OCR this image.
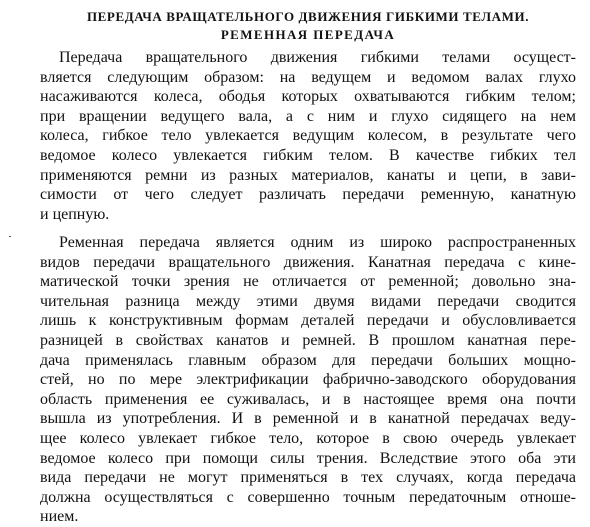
ПЕРЕДАЧА ВРАЩАТЕЛЬНОГО ДВИЖЕНИЯ ГИБКИМИ ТЕЛАМИ.
РЕМЕННАЯ ПЕРЕДАЧА
Передача вращательного движения гибкими телами осущест-
вляется следующим образом: на ведущем и ведомом валах глухо
насаживаются колеса, ободья которых охватываются гибким телом;
при вращении ведущего вала, а с ним и глухо сидящего на нем
колеса, гибкое тело увлекается ведущим колесом, в результате чего
ведомое колесо увлекается гибким телом. В качестве гибких тел
применяются ремни из разных материалов, канаты и цепи, в зави-
симости от чего следует различать передачи ременную, канатную
и цепную.
Ременная передача является одним из широко распространенных
видов передачи вращательного движения. Канатная передача с кине-
матической точки зрения не отличается от ременной; довольно зна-
чительная разница между этими двумя видами передачи сводится
лишь к конструктивным формам деталей передачи и обусловливается
разницей в свойствах канатов и ремней. В прошлом канатная пере-
дача применялась главным образом для передачи больших мощно-
стей, но по мере электрификации фабрично-заводского оборудования
область применения ее суживалась, и в настоящее время она почти
вышла из употребления. И в ременной и в канатной передачах веду-
щее колесо увлекает гибкое тело, которое в свою очередь увлекает
ведомое колесо при помощи силы трения. Вследствие этого оба эти
вида передачи не могут применяться в тех случаях, когда передача
должна осуществляться с совершенно точным передаточным отноше-
нием.
